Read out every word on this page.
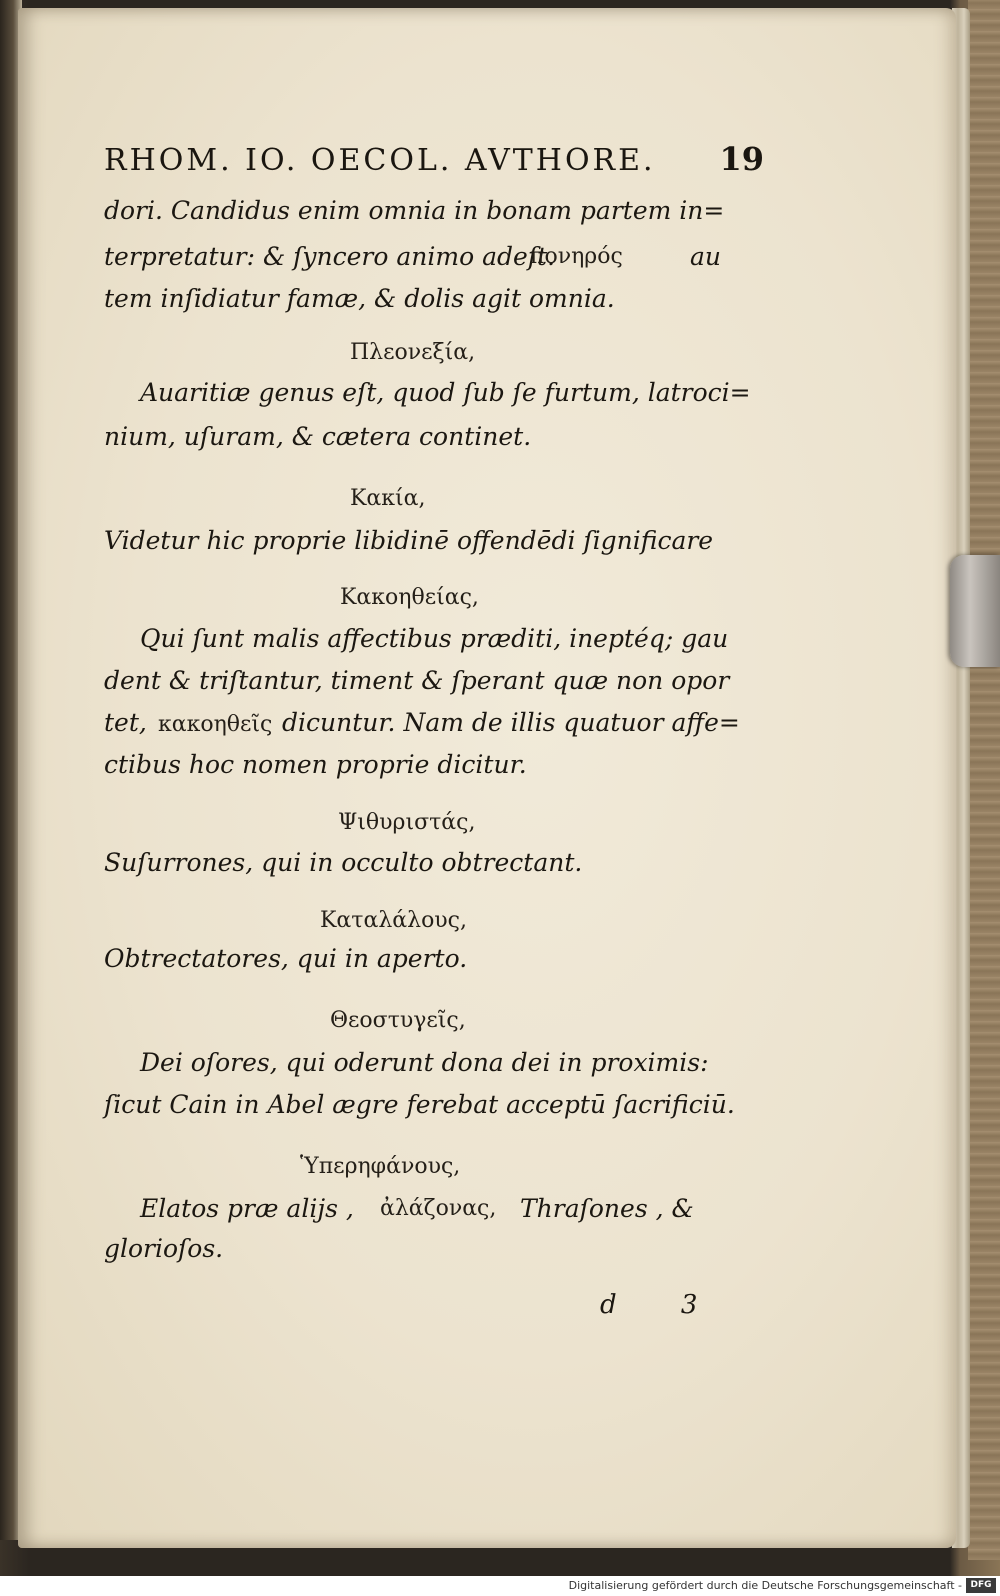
RHOM. IO. OECOL. AVTHORE. 19
dori. Candidus enim omnia in bonam partem in=
terpretatur: & ſyncero animo adeſt.
πονηρός	au
tem inſidiatur famæ, & dolis agit omnia.
Πλεονεξία,
Auaritiæ genus eſt, quod ſub ſe furtum, latroci=
nium, uſuram, & cætera continet.
Κακία,
Videtur hic proprie libidinē offendēdi ſignificare
Κακοηθείας,
Qui ſunt malis affectibus præditi, ineptéq; gau
dent & triſtantur, timent & ſperant quæ non opor
tet, κακοηθεῖς dicuntur. Nam de illis quatuor affe=
ctibus hoc nomen proprie dicitur.
Ψιθυριστάς,
Suſurrones, qui in occulto obtrectant.
Καταλάλους,
Obtrectatores, qui in aperto.
Θεοστυγεῖς,
Dei oſores, qui oderunt dona dei in proximis:
ſicut Cain in Abel ægre ferebat acceptū ſacrificiū.
Ὑπερηφάνους,
Elatos præ alijs , ἀλάζονας, Thraſones , &
glorioſos.
d 3
Digitalisierung gefördert durch die Deutsche Forschungsgemeinschaft - DFG
